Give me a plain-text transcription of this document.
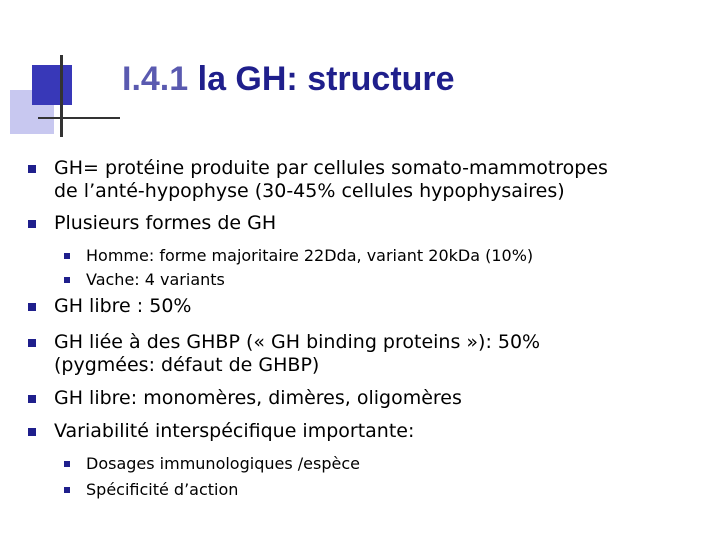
I.4.1 la GH: structure
GH= protéine produite par cellules somato-mammotropes
de l’anté-hypophyse (30-45% cellules hypophysaires)
Plusieurs formes de GH
Homme: forme majoritaire 22Dda, variant 20kDa (10%)
Vache: 4 variants
GH libre : 50%
GH liée à des GHBP (« GH binding proteins »): 50%
(pygmées: défaut de GHBP)
GH libre: monomères, dimères, oligomères
Variabilité interspécifique importante:
Dosages immunologiques /espèce
Spécificité d’action
